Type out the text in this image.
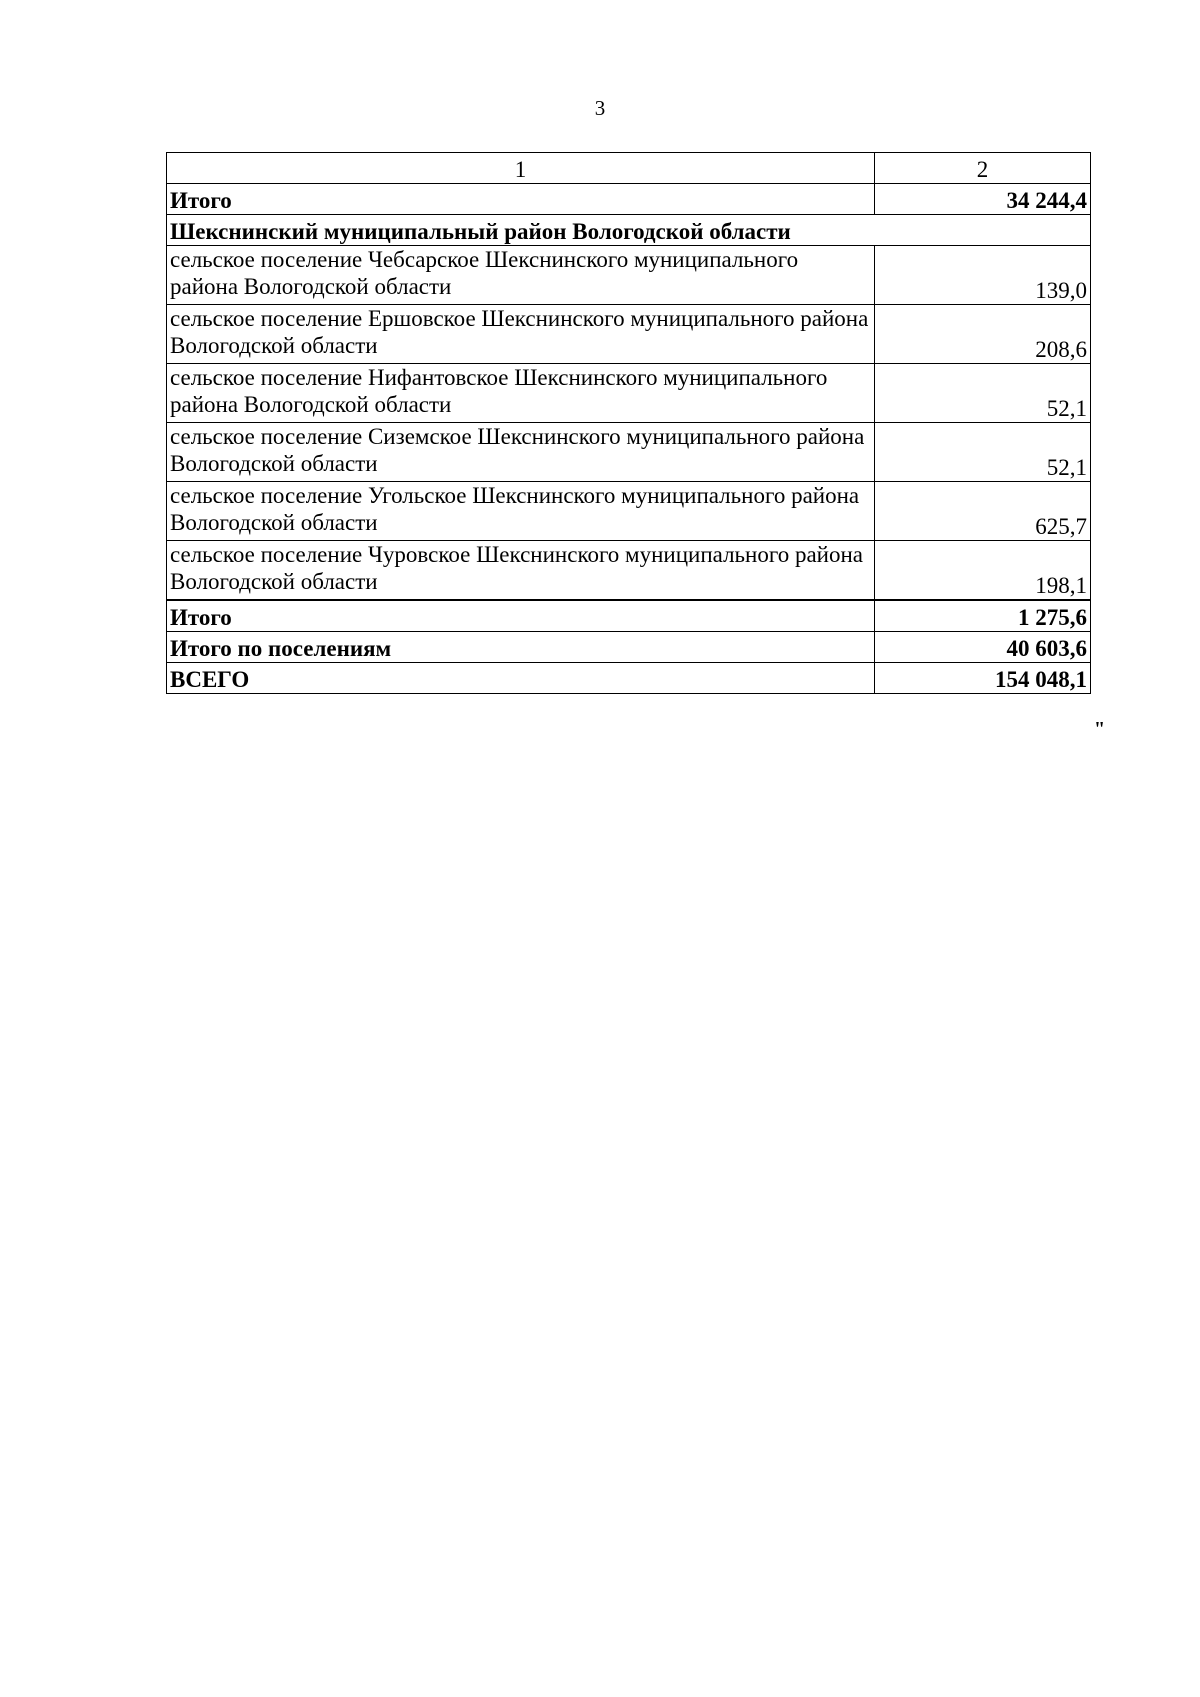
3
1	2
Итого	34 244,4
Шекснинский муниципальный район Вологодской области	
сельское поселение Чебсарское Шекснинского муниципального района Вологодской области	139,0
сельское поселение Ершовское Шекснинского муниципального района Вологодской области	208,6
сельское поселение Нифантовское Шекснинского муниципального района Вологодской области	52,1
сельское поселение Сиземское Шекснинского муниципального района Вологодской области	52,1
сельское поселение Угольское Шекснинского муниципального района Вологодской области	625,7
сельское поселение Чуровское Шекснинского муниципального района Вологодской области	198,1
Итого	1 275,6
Итого по поселениям	40 603,6
ВСЕГО	154 048,1
"
